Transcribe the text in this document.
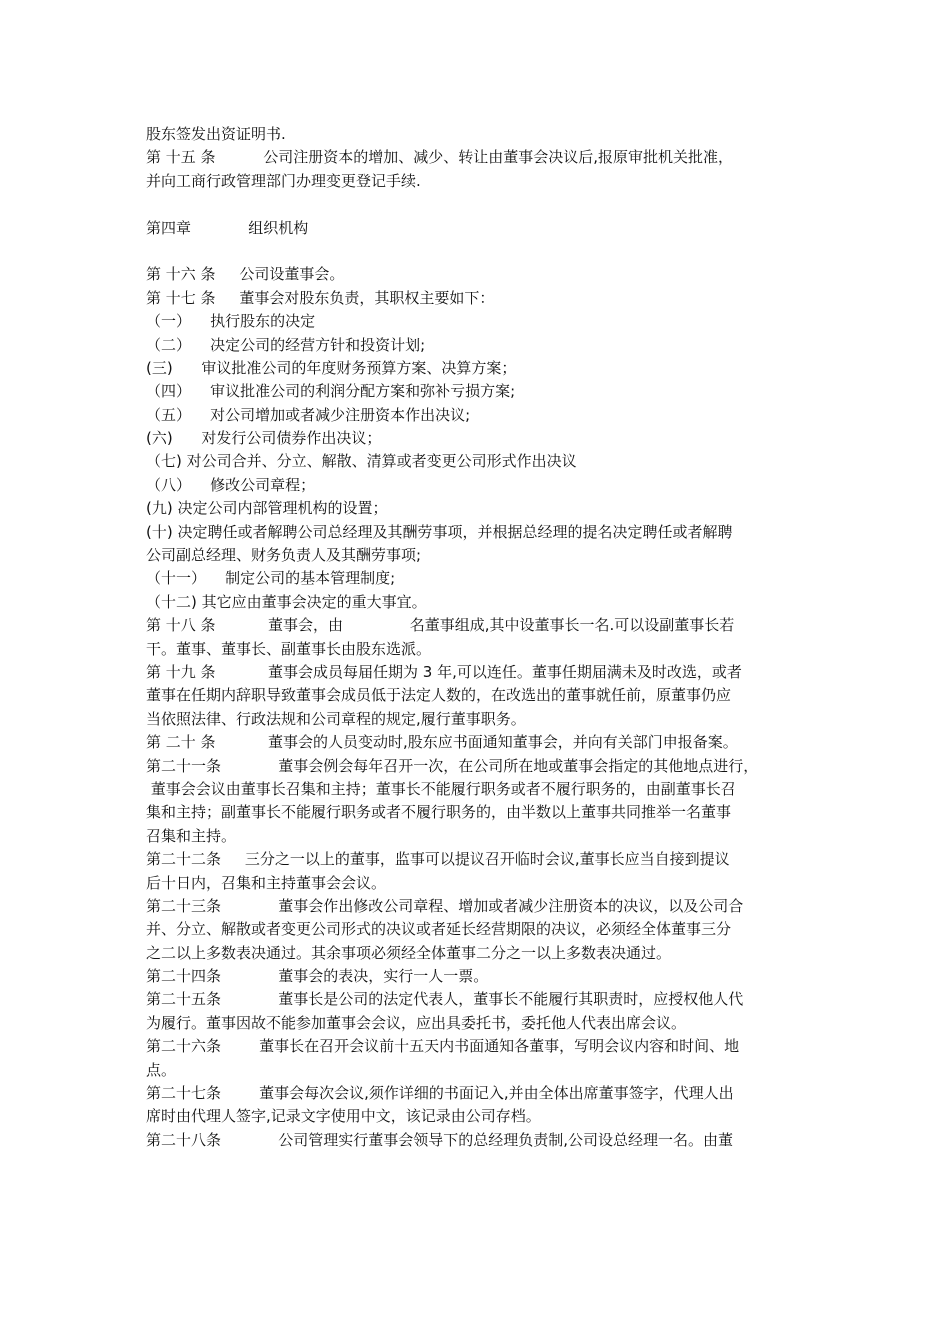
股东签发出资证明书.
第 十五 条          公司注册资本的增加、减少、转让由董事会决议后,报原审批机关批准，
并向工商行政管理部门办理变更登记手续.
第四章            组织机构
第 十六 条     公司设董事会。
第 十七 条     董事会对股东负责，其职权主要如下：
（一）    执行股东的决定
（二）    决定公司的经营方针和投资计划;
(三)      审议批准公司的年度财务预算方案、决算方案；
（四）    审议批准公司的利润分配方案和弥补亏损方案;
（五）    对公司增加或者减少注册资本作出决议;
(六)      对发行公司债券作出决议；
（七) 对公司合并、分立、解散、清算或者变更公司形式作出决议
（八）    修改公司章程；
(九) 决定公司内部管理机构的设置；
(十) 决定聘任或者解聘公司总经理及其酬劳事项，并根据总经理的提名决定聘任或者解聘
公司副总经理、财务负责人及其酬劳事项;
（十一）    制定公司的基本管理制度;
（十二) 其它应由董事会决定的重大事宜。
第 十八 条           董事会，由              名董事组成,其中设董事长一名.可以设副董事长若
干。董事、董事长、副董事长由股东选派。
第 十九 条           董事会成员每届任期为 3 年,可以连任。董事任期届满未及时改选，或者
董事在任期内辞职导致董事会成员低于法定人数的，在改选出的董事就任前，原董事仍应
当依照法律、行政法规和公司章程的规定,履行董事职务。
第 二十 条           董事会的人员变动时,股东应书面通知董事会，并向有关部门申报备案。
第二十一条            董事会例会每年召开一次，在公司所在地或董事会指定的其他地点进行，
董事会会议由董事长召集和主持；董事长不能履行职务或者不履行职务的，由副董事长召
集和主持；副董事长不能履行职务或者不履行职务的，由半数以上董事共同推举一名董事
召集和主持。
第二十二条     三分之一以上的董事，监事可以提议召开临时会议,董事长应当自接到提议
后十日内，召集和主持董事会会议。
第二十三条            董事会作出修改公司章程、增加或者减少注册资本的决议，以及公司合
并、分立、解散或者变更公司形式的决议或者延长经营期限的决议，必须经全体董事三分
之二以上多数表决通过。其余事项必须经全体董事二分之一以上多数表决通过。
第二十四条            董事会的表决，实行一人一票。
第二十五条            董事长是公司的法定代表人，董事长不能履行其职责时，应授权他人代
为履行。董事因故不能参加董事会会议，应出具委托书，委托他人代表出席会议。
第二十六条        董事长在召开会议前十五天内书面通知各董事，写明会议内容和时间、地
点。
第二十七条        董事会每次会议,须作详细的书面记入,并由全体出席董事签字，代理人出
席时由代理人签字,记录文字使用中文，该记录由公司存档。
第二十八条            公司管理实行董事会领导下的总经理负责制,公司设总经理一名。由董
